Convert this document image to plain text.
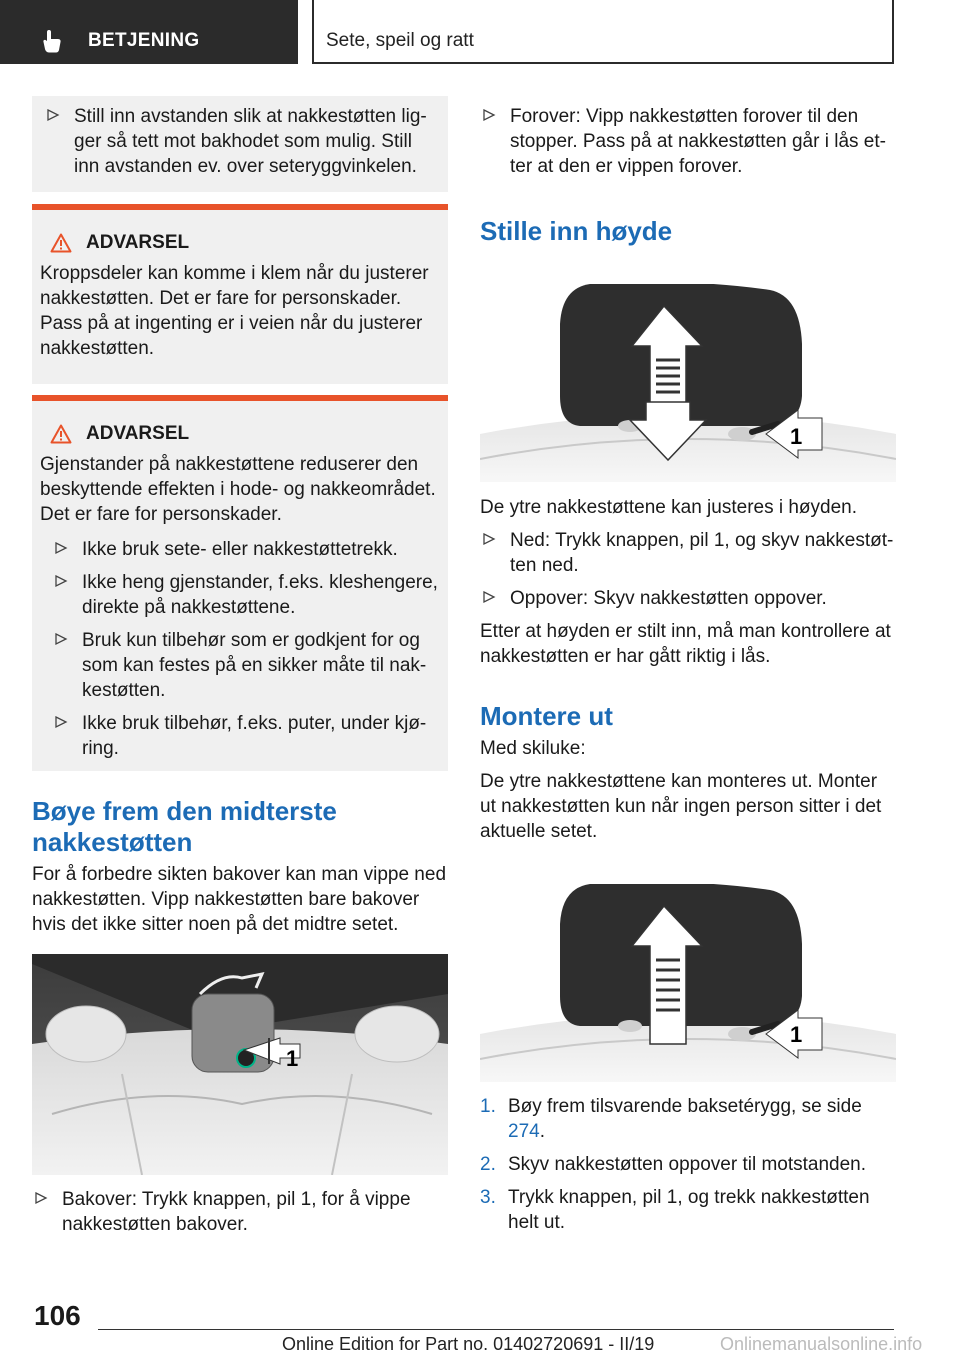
BETJENING	Sete, speil og ratt
Still inn avstanden slik at nakkestøtten lig-ger så tett mot bakhodet som mulig. Still inn avstanden ev. over seteryggvinkelen.
ADVARSEL

Kroppsdeler kan komme i klem når du justerer nakkestøtten. Det er fare for personskader. Pass på at ingenting er i veien når du justerer nakkestøtten.

ADVARSEL

Gjenstander på nakkestøttene reduserer den beskyttende effekten i hode- og nakkeområdet. Det er fare for personskader.

Ikke bruk sete- eller nakkestøttetrekk.
Ikke heng gjenstander, f.eks. kleshengere, direkte på nakkestøttene.
Bruk kun tilbehør som er godkjent for og som kan festes på en sikker måte til nak-kestøtten.
Ikke bruk tilbehør, f.eks. puter, under kjø-ring.
Bøye frem den midterste nakkestøtten

For å forbedre sikten bakover kan man vippe ned nakkestøtten. Vipp nakkestøtten bare bakover hvis det ikke sitter noen på det midtre setet.

1
Bakover: Trykk knappen, pil 1, for å vippe nakkestøtten bakover.
Forover: Vipp nakkestøtten forover til den stopper. Pass på at nakkestøtten går i lås et-ter at den er vippen forover.
Stille inn høyde
1

De ytre nakkestøttene kan justeres i høyden.

Ned: Trykk knappen, pil 1, og skyv nakkestøt-ten ned.
Oppover: Skyv nakkestøtten oppover.

Etter at høyden er stilt inn, må man kontrollere at nakkestøtten er har gått riktig i lås.

Montere ut

Med skiluke:

De ytre nakkestøttene kan monteres ut. Monter ut nakkestøtten kun når ingen person sitter i det aktuelle setet.

1
1. Bøy frem tilsvarende baksetérygg, se side 274.
2. Skyv nakkestøtten oppover til motstanden.
3. Trykk knappen, pil 1, og trekk nakkestøtten helt ut.
106
Online Edition for Part no. 01402720691 - II/19	Onlinemanualsonline.info
